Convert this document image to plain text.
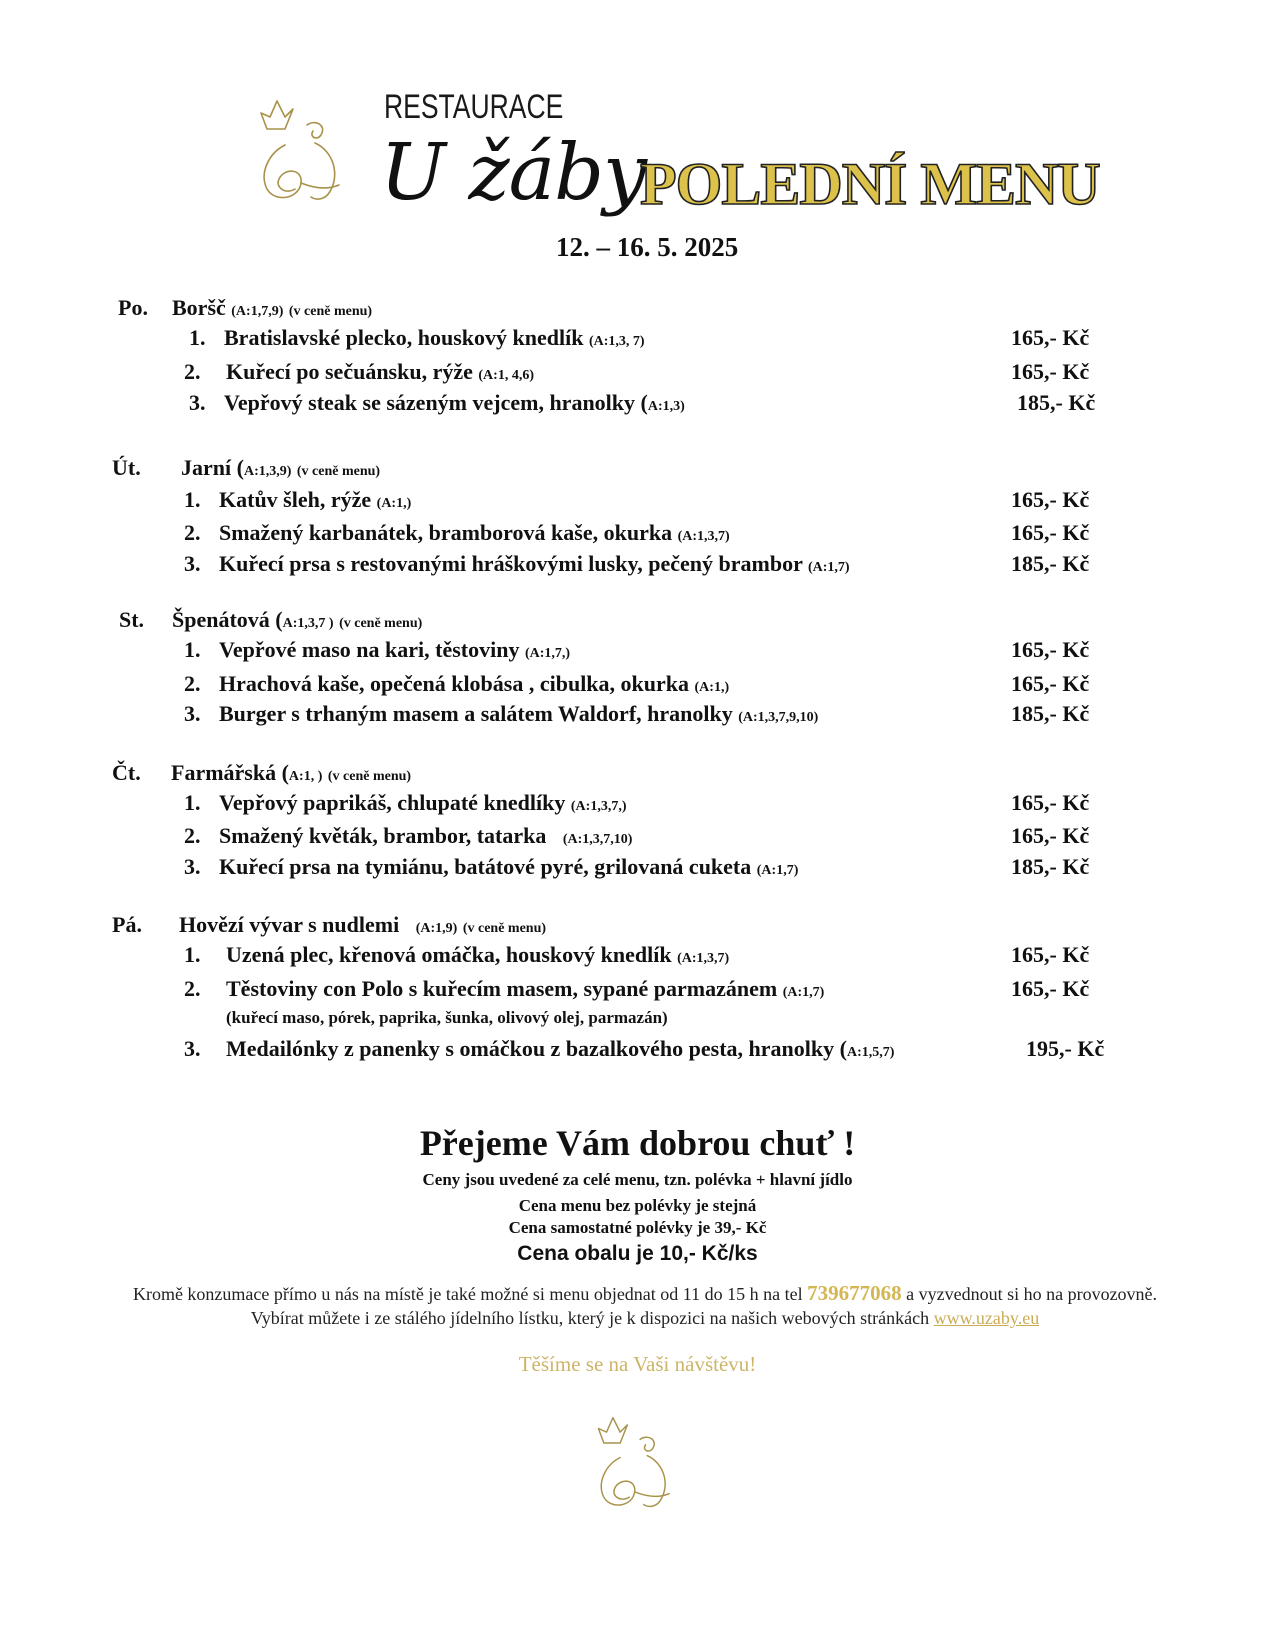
RESTAURACE
U žáby
POLEDNÍ MENU
12. – 16. 5. 2025
Po. Boršč (A:1,7,9) (v ceně menu)
1. Bratislavské plecko, houskový knedlík (A:1,3, 7)	165,- Kč
2. Kuřecí po sečuánsku, rýže (A:1, 4,6)	165,- Kč
3. Vepřový steak se sázeným vejcem, hranolky (A:1,3)	185,- Kč
Út. Jarní (A:1,3,9) (v ceně menu)
1. Katův šleh, rýže (A:1,)	165,- Kč
2. Smažený karbanátek, bramborová kaše, okurka (A:1,3,7)	165,- Kč
3. Kuřecí prsa s restovanými hráškovými lusky, pečený brambor (A:1,7)	185,- Kč
St. Špenátová (A:1,3,7 ) (v ceně menu)
1. Vepřové maso na kari, těstoviny (A:1,7,)	165,- Kč
2. Hrachová kaše, opečená klobása , cibulka, okurka (A:1,)	165,- Kč
3. Burger s trhaným masem a salátem Waldorf, hranolky (A:1,3,7,9,10)	185,- Kč
Čt. Farmářská (A:1, ) (v ceně menu)
1. Vepřový paprikáš, chlupaté knedlíky (A:1,3,7,)	165,- Kč
2. Smažený květák, brambor, tatarka (A:1,3,7,10)	165,- Kč
3. Kuřecí prsa na tymiánu, batátové pyré, grilovaná cuketa (A:1,7)	185,- Kč
Pá. Hovězí vývar s nudlemi (A:1,9) (v ceně menu)
1. Uzená plec, křenová omáčka, houskový knedlík (A:1,3,7)	165,- Kč
2. Těstoviny con Polo s kuřecím masem, sypané parmazánem (A:1,7)	165,- Kč
(kuřecí maso, pórek, paprika, šunka, olivový olej, parmazán)
3. Medailónky z panenky s omáčkou z bazalkového pesta, hranolky (A:1,5,7)	195,- Kč
Přejeme Vám dobrou chuť !
Ceny jsou uvedené za celé menu, tzn. polévka + hlavní jídlo
Cena menu bez polévky je stejná
Cena samostatné polévky je 39,- Kč
Cena obalu je 10,- Kč/ks
Kromě konzumace přímo u nás na místě je také možné si menu objednat od 11 do 15 h na tel 739677068 a vyzvednout si ho na provozovně. Vybírat můžete i ze stálého jídelního lístku, který je k dispozici na našich webových stránkách www.uzaby.eu
Těšíme se na Vaši návštěvu!
